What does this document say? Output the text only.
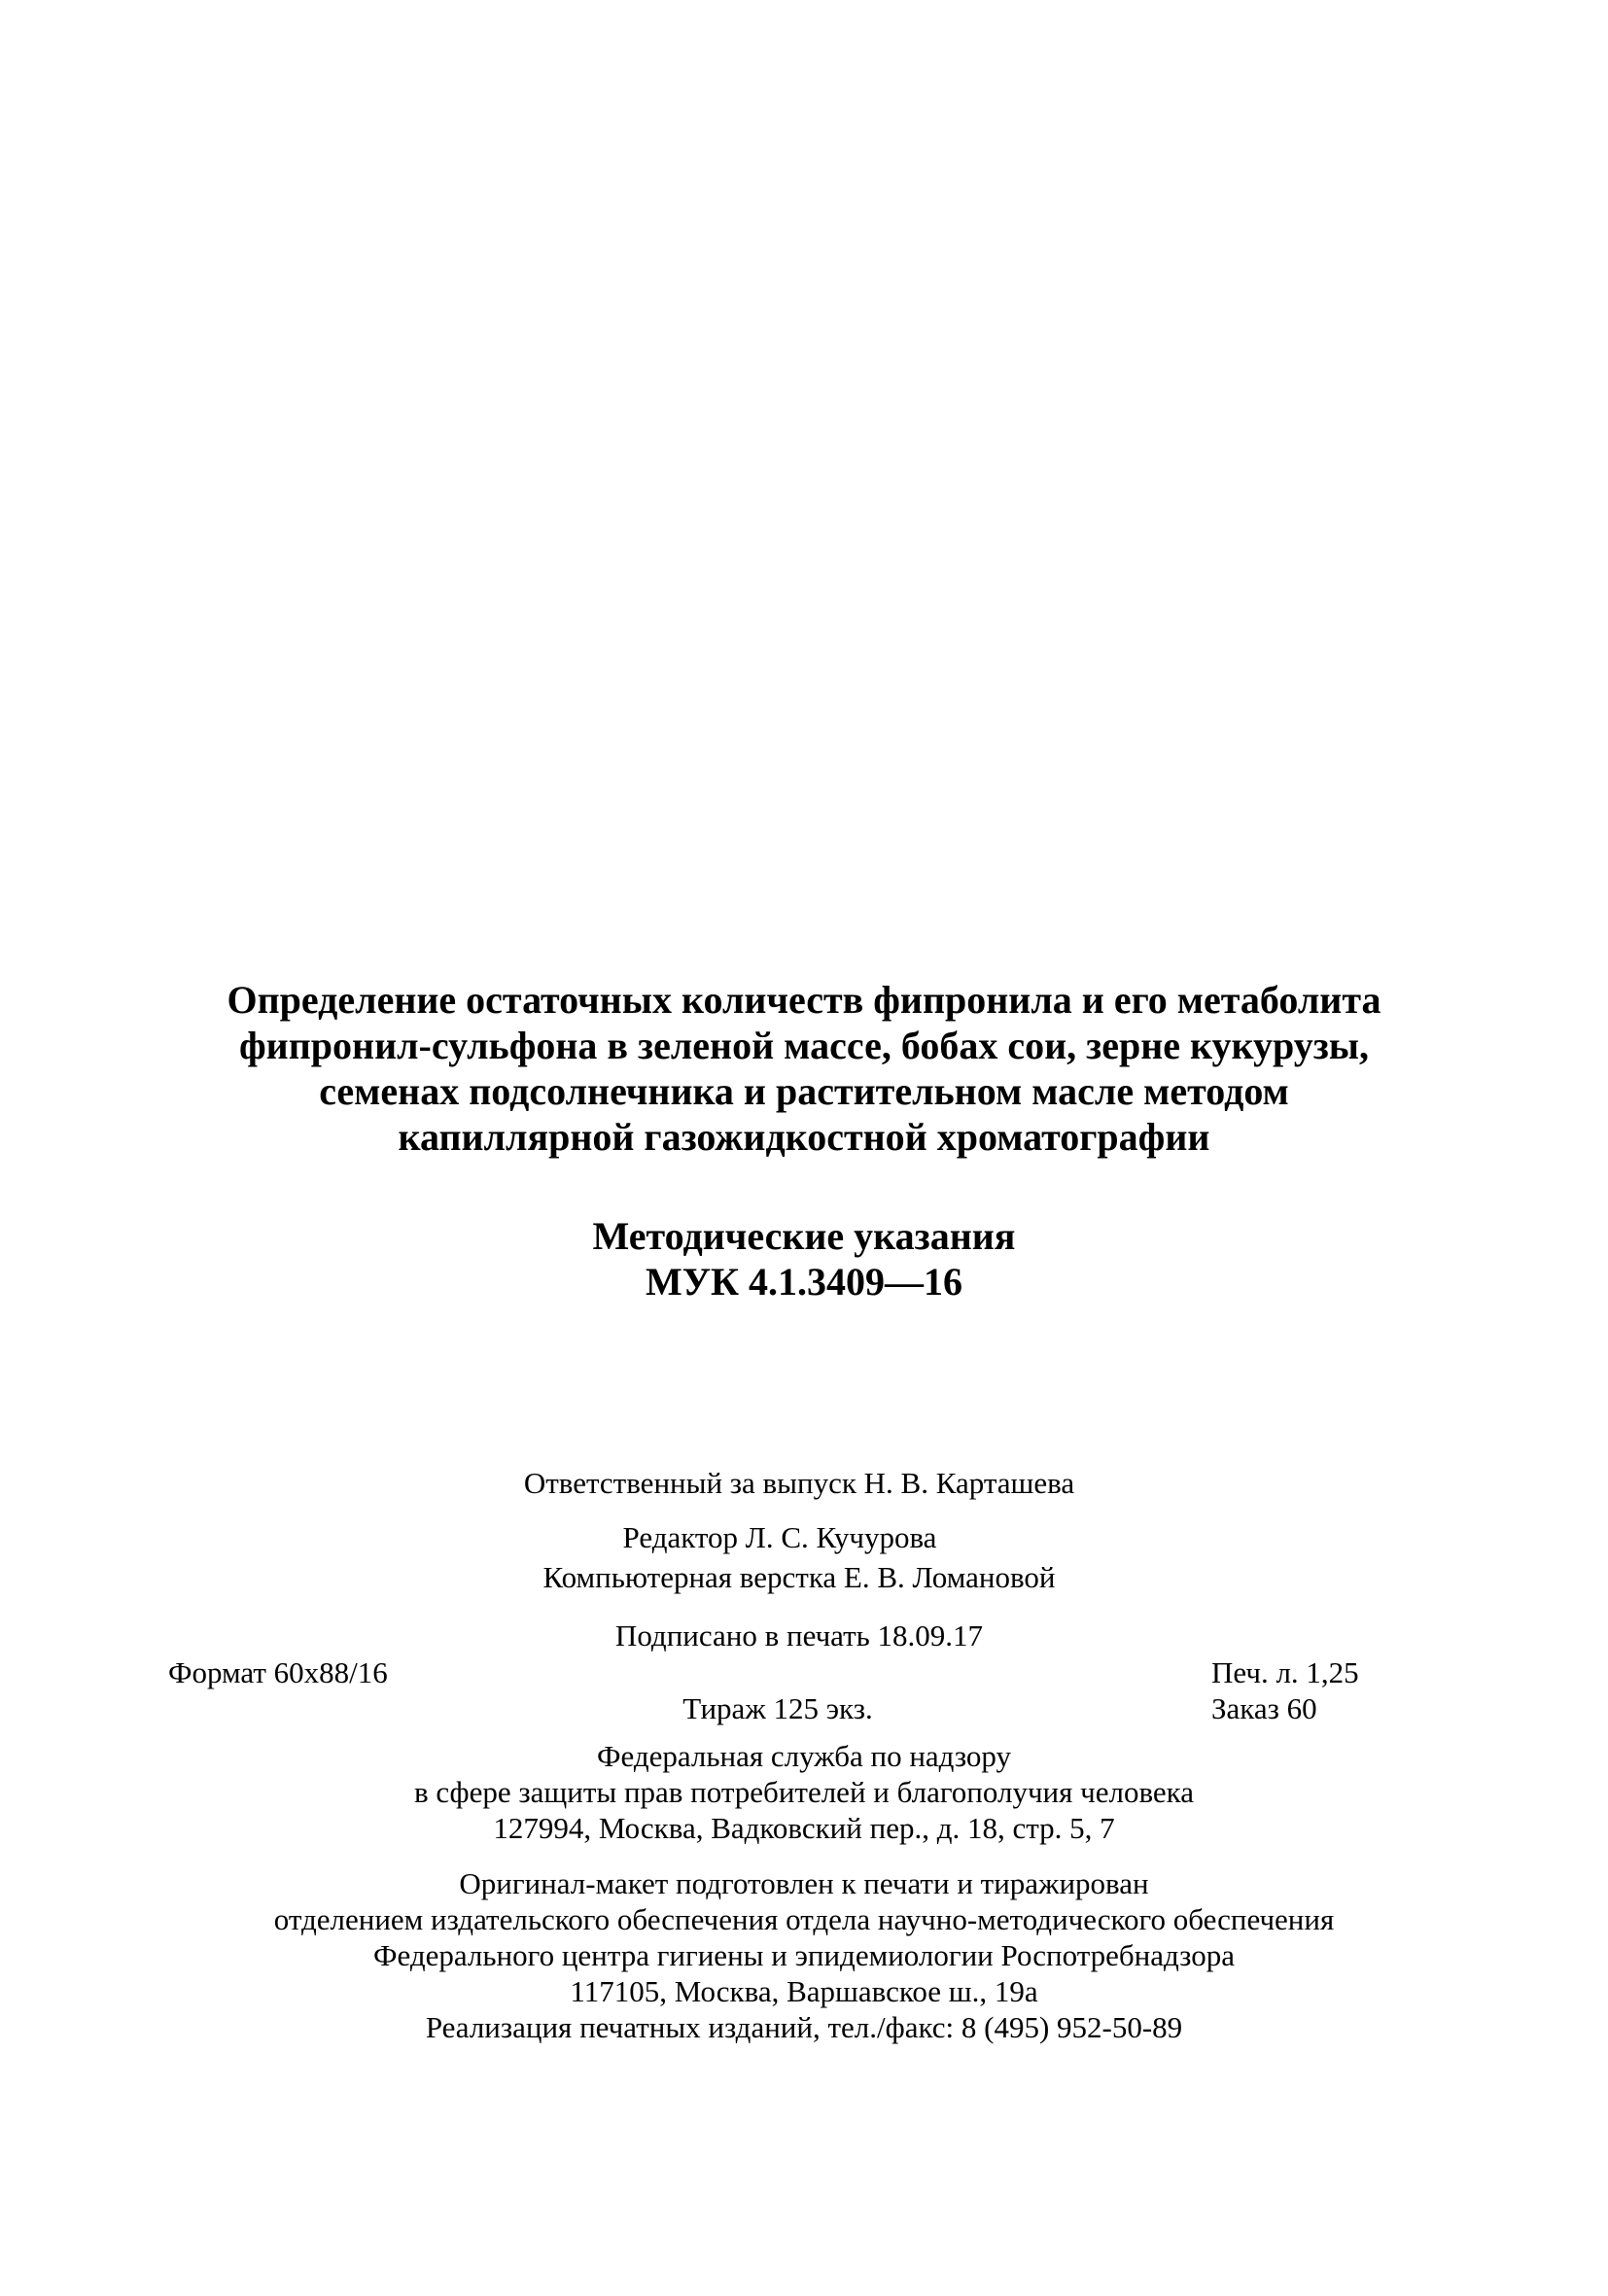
Определение остаточных количеств фипронила и его метаболита
фипронил-сульфона в зеленой массе, бобах сои, зерне кукурузы,
семенах подсолнечника и растительном масле методом
капиллярной газожидкостной хроматографии
Методические указания
МУК 4.1.3409—16
Ответственный за выпуск Н. В. Карташева
Редактор Л. С. Кучурова
Компьютерная верстка Е. В. Ломановой
Подписано в печать 18.09.17
Формат 60x88/16	Печ. л. 1,25
Тираж 125 экз.	Заказ 60
Федеральная служба по надзору
в сфере защиты прав потребителей и благополучия человека
127994, Москва, Вадковский пер., д. 18, стр. 5, 7
Оригинал-макет подготовлен к печати и тиражирован
отделением издательского обеспечения отдела научно-методического обеспечения
Федерального центра гигиены и эпидемиологии Роспотребнадзора
117105, Москва, Варшавское ш., 19а
Реализация печатных изданий, тел./факс: 8 (495) 952-50-89
